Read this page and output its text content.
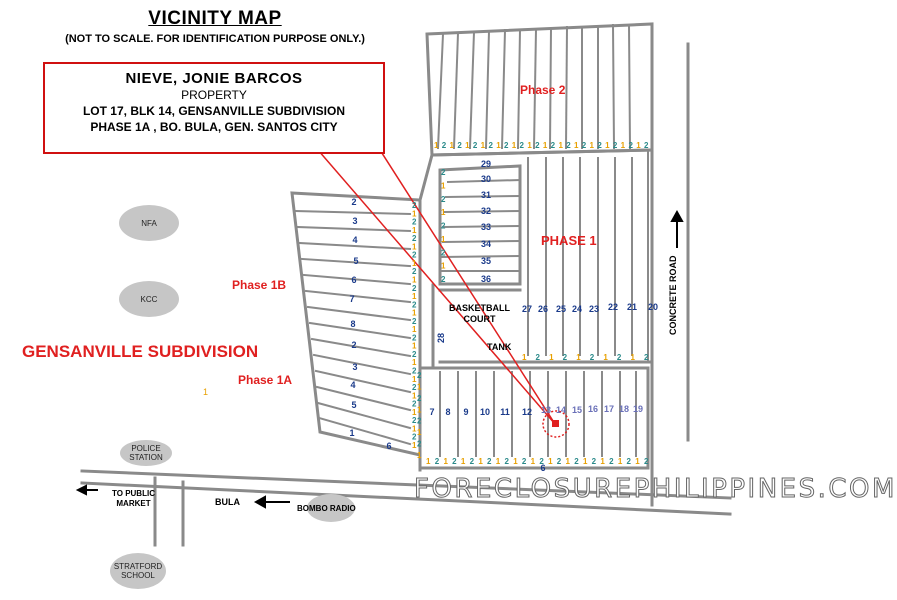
VICINITY MAP
(NOT TO SCALE. FOR IDENTIFICATION PURPOSE ONLY.)
29
30
31
32
33
34
35
36
27 26 25 24 23 22 21 20
7 8 9 10 11 12 13 14 15 16 17 18 19
2
3
4
5
6
7
8
2
3
4
5
1
6
6
28
1
1 2 1 2 1 2 1 2 1 2 1 2 1 2 1 2 1 2 1 2 1 2 1 2 1 2 1 2
1 2 1 2 1 2 1 2 1 2
1 2 1 2 1 2 1 2 1 2 1 2 1 2 1 2 1 2 1 2 1 2 1 2 1 2
2
1
2
1
2
1
2
1
2
1
2
1
2
1
2
1
2
1
2
1
2
1
2
1
2
1
2
1
2
1
2
1
2
1
2
1
2
1
2
2
1
2
1
2
1
2
1
NIEVE, JONIE BARCOS
PROPERTY
LOT 17, BLK 14, GENSANVILLE SUBDIVISION
PHASE 1A , BO. BULA, GEN. SANTOS CITY
GENSANVILLE SUBDIVISION
Phase 2
PHASE 1
Phase 1B
Phase 1A
BASKETBALL
COURT
TANK
CONCRETE ROAD
TO PUBLIC
MARKET	BULA
NFA
KCC
POLICE
STATION
BOMBO RADIO
STRATFORD
SCHOOL
FORECLOSUREPHILIPPINES.COM
